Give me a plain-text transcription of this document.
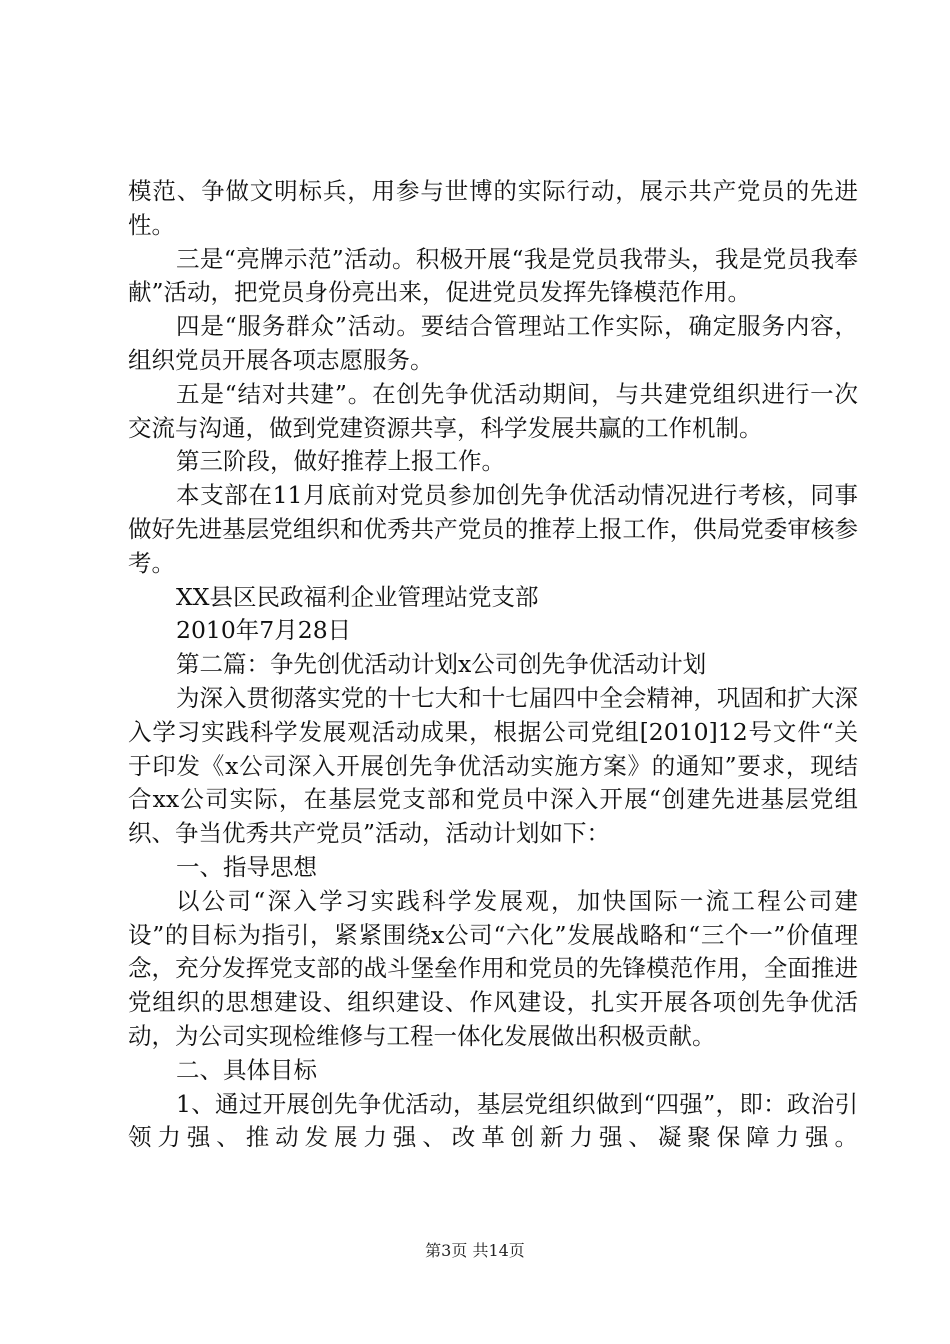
模范、争做文明标兵，用参与世博的实际行动，展示共产党员的先进性。

三是“亮牌示范”活动。积极开展“我是党员我带头，我是党员我奉献”活动，把党员身份亮出来，促进党员发挥先锋模范作用。

四是“服务群众”活动。要结合管理站工作实际，确定服务内容，组织党员开展各项志愿服务。

五是“结对共建”。在创先争优活动期间，与共建党组织进行一次交流与沟通，做到党建资源共享，科学发展共赢的工作机制。

第三阶段，做好推荐上报工作。

本支部在11月底前对党员参加创先争优活动情况进行考核，同事做好先进基层党组织和优秀共产党员的推荐上报工作，供局党委审核参考。

XX县区民政福利企业管理站党支部

2010年7月28日

第二篇：争先创优活动计划x公司创先争优活动计划

为深入贯彻落实党的十七大和十七届四中全会精神，巩固和扩大深入学习实践科学发展观活动成果，根据公司党组[2010]12号文件“关于印发《x公司深入开展创先争优活动实施方案》的通知”要求，现结合xx公司实际，在基层党支部和党员中深入开展“创建先进基层党组织、争当优秀共产党员”活动，活动计划如下：

一、指导思想

以公司“深入学习实践科学发展观，加快国际一流工程公司建设”的目标为指引，紧紧围绕x公司“六化”发展战略和“三个一”价值理念，充分发挥党支部的战斗堡垒作用和党员的先锋模范作用，全面推进党组织的思想建设、组织建设、作风建设，扎实开展各项创先争优活动，为公司实现检维修与工程一体化发展做出积极贡献。

二、具体目标

1、通过开展创先争优活动，基层党组织做到“四强”，即：政治引领力强、推动发展力强、改革创新力强、凝聚保障力强。

第3页 共14页
